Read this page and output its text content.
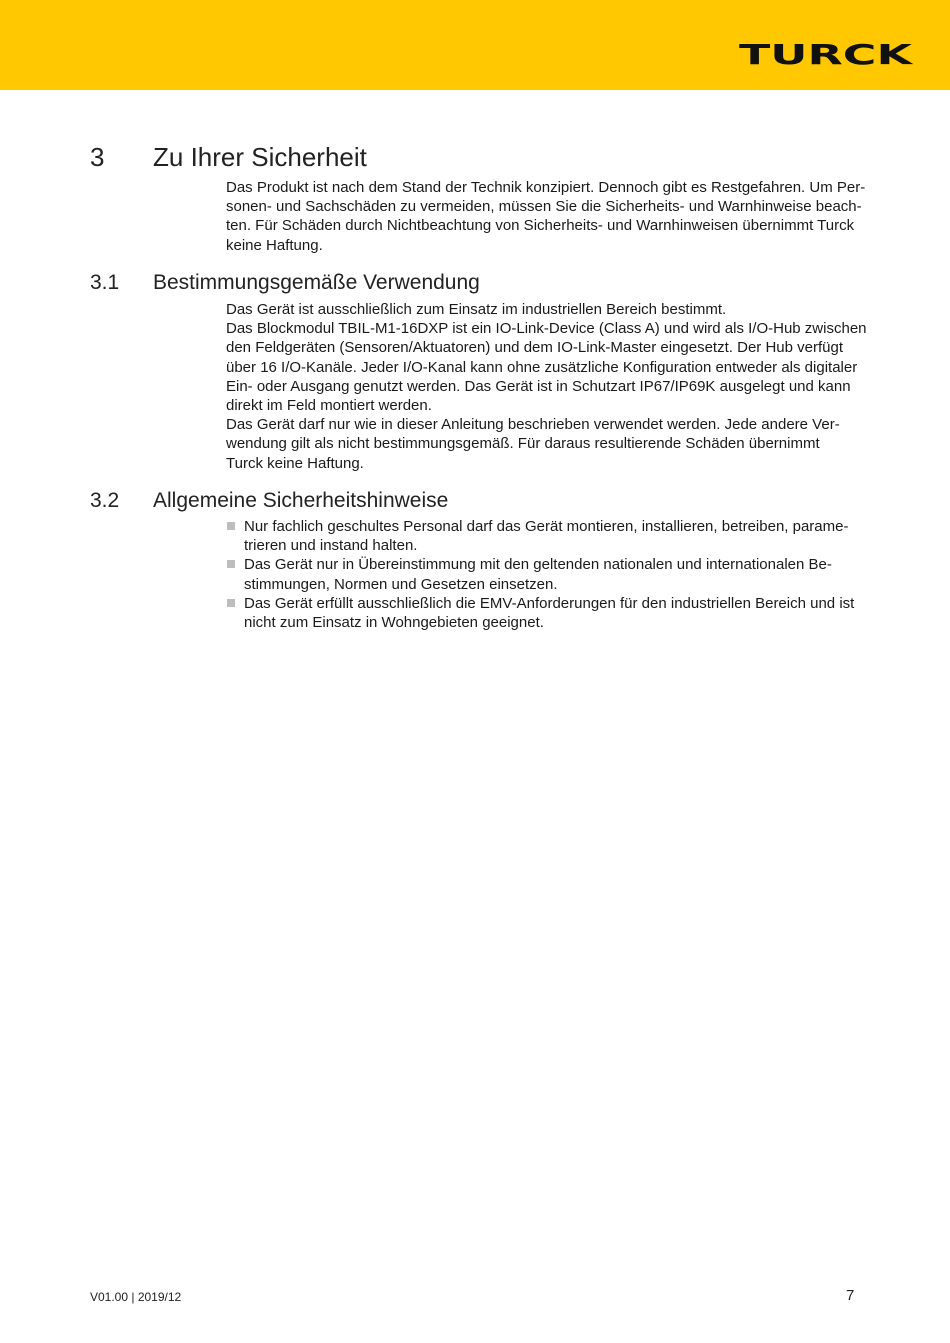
TURCK
3 Zu Ihrer Sicherheit
Das Produkt ist nach dem Stand der Technik konzipiert. Dennoch gibt es Restgefahren. Um Per-
sonen- und Sachschäden zu vermeiden, müssen Sie die Sicherheits- und Warnhinweise beach-
ten. Für Schäden durch Nichtbeachtung von Sicherheits- und Warnhinweisen übernimmt Turck
keine Haftung.
3.1 Bestimmungsgemäße Verwendung
Das Gerät ist ausschließlich zum Einsatz im industriellen Bereich bestimmt.
Das Blockmodul TBIL-M1-16DXP ist ein IO-Link-Device (Class A) und wird als I/O-Hub zwischen
den Feldgeräten (Sensoren/Aktuatoren) und dem IO-Link-Master eingesetzt. Der Hub verfügt
über 16 I/O-Kanäle. Jeder I/O-Kanal kann ohne zusätzliche Konfiguration entweder als digitaler
Ein- oder Ausgang genutzt werden. Das Gerät ist in Schutzart IP67/IP69K ausgelegt und kann
direkt im Feld montiert werden.
Das Gerät darf nur wie in dieser Anleitung beschrieben verwendet werden. Jede andere Ver-
wendung gilt als nicht bestimmungsgemäß. Für daraus resultierende Schäden übernimmt
Turck keine Haftung.
3.2 Allgemeine Sicherheitshinweise
Nur fachlich geschultes Personal darf das Gerät montieren, installieren, betreiben, parame-
trieren und instand halten.
Das Gerät nur in Übereinstimmung mit den geltenden nationalen und internationalen Be-
stimmungen, Normen und Gesetzen einsetzen.
Das Gerät erfüllt ausschließlich die EMV-Anforderungen für den industriellen Bereich und ist
nicht zum Einsatz in Wohngebieten geeignet.
V01.00 | 2019/12	7
